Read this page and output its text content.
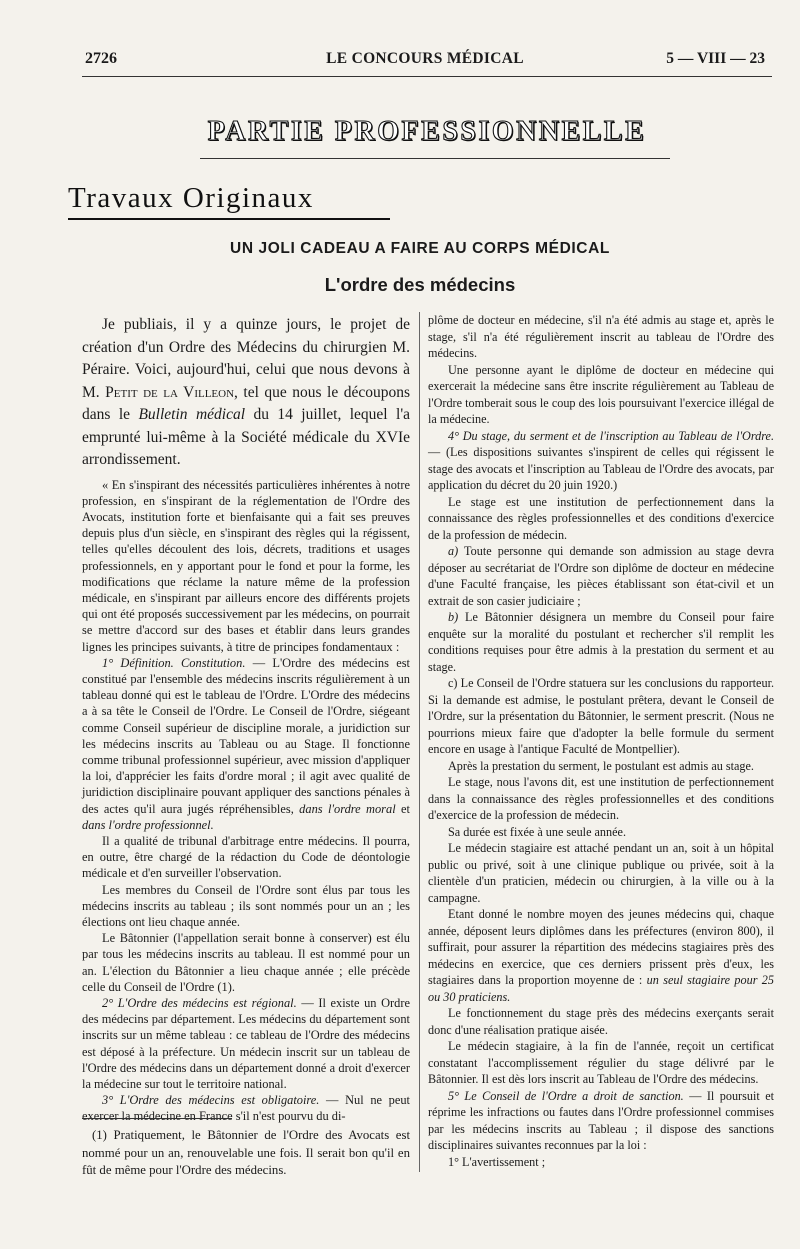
2726	LE CONCOURS MÉDICAL	5 — VIII — 23
PARTIE PROFESSIONNELLE
Travaux Originaux
UN JOLI CADEAU A FAIRE AU CORPS MÉDICAL
L'ordre des médecins

Je publiais, il y a quinze jours, le projet de création d'un Ordre des Médecins du chirurgien M. Péraire. Voici, aujourd'hui, celui que nous devons à M. Petit de la Villeon, tel que nous le découpons dans le Bulletin médical du 14 juillet, lequel l'a emprunté lui-même à la Société médicale du XVIe arrondissement.

« En s'inspirant des nécessités particulières inhérentes à notre profession, en s'inspirant de la réglementation de l'Ordre des Avocats, institution forte et bienfaisante qui a fait ses preuves depuis plus d'un siècle, en s'inspirant des règles qui la régissent, telles qu'elles découlent des lois, décrets, traditions et usages professionnels, en y apportant pour le fond et pour la forme, les modifications que réclame la nature même de la profession médicale, en s'inspirant par ailleurs encore des différents projets qui ont été proposés successivement par les médecins, on pourrait se mettre d'accord sur des bases et établir dans leurs grandes lignes les principes suivants, à titre de principes fondamentaux :

1° Définition. Constitution. — L'Ordre des médecins est constitué par l'ensemble des médecins inscrits régulièrement à un tableau donné qui est le tableau de l'Ordre. L'Ordre des médecins a à sa tête le Conseil de l'Ordre. Le Conseil de l'Ordre, siégeant comme Conseil supérieur de discipline morale, a juridiction sur les médecins inscrits au Tableau ou au Stage. Il fonctionne comme tribunal professionnel supérieur, avec mission d'appliquer la loi, d'apprécier les faits d'ordre moral ; il agit avec qualité de juridiction disciplinaire pouvant appliquer des sanctions pénales à des actes qu'il aura jugés répréhensibles, dans l'ordre moral et dans l'ordre professionnel.

Il a qualité de tribunal d'arbitrage entre médecins. Il pourra, en outre, être chargé de la rédaction du Code de déontologie médicale et d'en surveiller l'observation.

Les membres du Conseil de l'Ordre sont élus par tous les médecins inscrits au tableau ; ils sont nommés pour un an ; les élections ont lieu chaque année.

Le Bâtonnier (l'appellation serait bonne à conserver) est élu par tous les médecins inscrits au tableau. Il est nommé pour un an. L'élection du Bâtonnier a lieu chaque année ; elle précède celle du Conseil de l'Ordre (1).

2° L'Ordre des médecins est régional. — Il existe un Ordre des médecins par département. Les médecins du département sont inscrits sur un même tableau : ce tableau de l'Ordre des médecins est déposé à la préfecture. Un médecin inscrit sur un tableau de l'Ordre des médecins dans un département donné a droit d'exercer la médecine sur tout le territoire national.

3° L'Ordre des médecins est obligatoire. — Nul ne peut exercer la médecine en France s'il n'est pourvu du di-

(1) Pratiquement, le Bâtonnier de l'Ordre des Avocats est nommé pour un an, renouvelable une fois. Il serait bon qu'il en fût de même pour l'Ordre des médecins.

plôme de docteur en médecine, s'il n'a été admis au stage et, après le stage, s'il n'a été régulièrement inscrit au tableau de l'Ordre des médecins.

Une personne ayant le diplôme de docteur en médecine qui exercerait la médecine sans être inscrite régulièrement au Tableau de l'Ordre tomberait sous le coup des lois poursuivant l'exercice illégal de la médecine.

4° Du stage, du serment et de l'inscription au Tableau de l'Ordre. — (Les dispositions suivantes s'inspirent de celles qui régissent le stage des avocats et l'inscription au Tableau de l'Ordre des avocats, par application du décret du 20 juin 1920.)

Le stage est une institution de perfectionnement dans la connaissance des règles professionnelles et des conditions d'exercice de la profession de médecin.

a) Toute personne qui demande son admission au stage devra déposer au secrétariat de l'Ordre son diplôme de docteur en médecine d'une Faculté française, les pièces établissant son état-civil et un extrait de son casier judiciaire ;

b) Le Bâtonnier désignera un membre du Conseil pour faire enquête sur la moralité du postulant et rechercher s'il remplit les conditions requises pour être admis à la prestation du serment et au stage.

c) Le Conseil de l'Ordre statuera sur les conclusions du rapporteur. Si la demande est admise, le postulant prêtera, devant le Conseil de l'Ordre, sur la présentation du Bâtonnier, le serment prescrit. (Nous ne pourrions mieux faire que d'adopter la belle formule du serment encore en usage à l'antique Faculté de Montpellier).

Après la prestation du serment, le postulant est admis au stage.

Le stage, nous l'avons dit, est une institution de perfectionnement dans la connaissance des règles professionnelles et des conditions d'exercice de la profession de médecin.

Sa durée est fixée à une seule année.

Le médecin stagiaire est attaché pendant un an, soit à un hôpital public ou privé, soit à une clinique publique ou privée, soit à la clientèle d'un praticien, médecin ou chirurgien, à la ville ou à la campagne.

Etant donné le nombre moyen des jeunes médecins qui, chaque année, déposent leurs diplômes dans les préfectures (environ 800), il suffirait, pour assurer la répartition des médecins stagiaires près des médecins en exercice, que ces derniers prissent près d'eux, les stagiaires dans la proportion moyenne de : un seul stagiaire pour 25 ou 30 praticiens.

Le fonctionnement du stage près des médecins exerçants serait donc d'une réalisation pratique aisée.

Le médecin stagiaire, à la fin de l'année, reçoit un certificat constatant l'accomplissement régulier du stage délivré par le Bâtonnier. Il est dès lors inscrit au Tableau de l'Ordre des médecins.

5° Le Conseil de l'Ordre a droit de sanction. — Il poursuit et réprime les infractions ou fautes dans l'Ordre professionnel commises par les médecins inscrits au Tableau ; il dispose des sanctions disciplinaires suivantes reconnues par la loi :

1° L'avertissement ;
